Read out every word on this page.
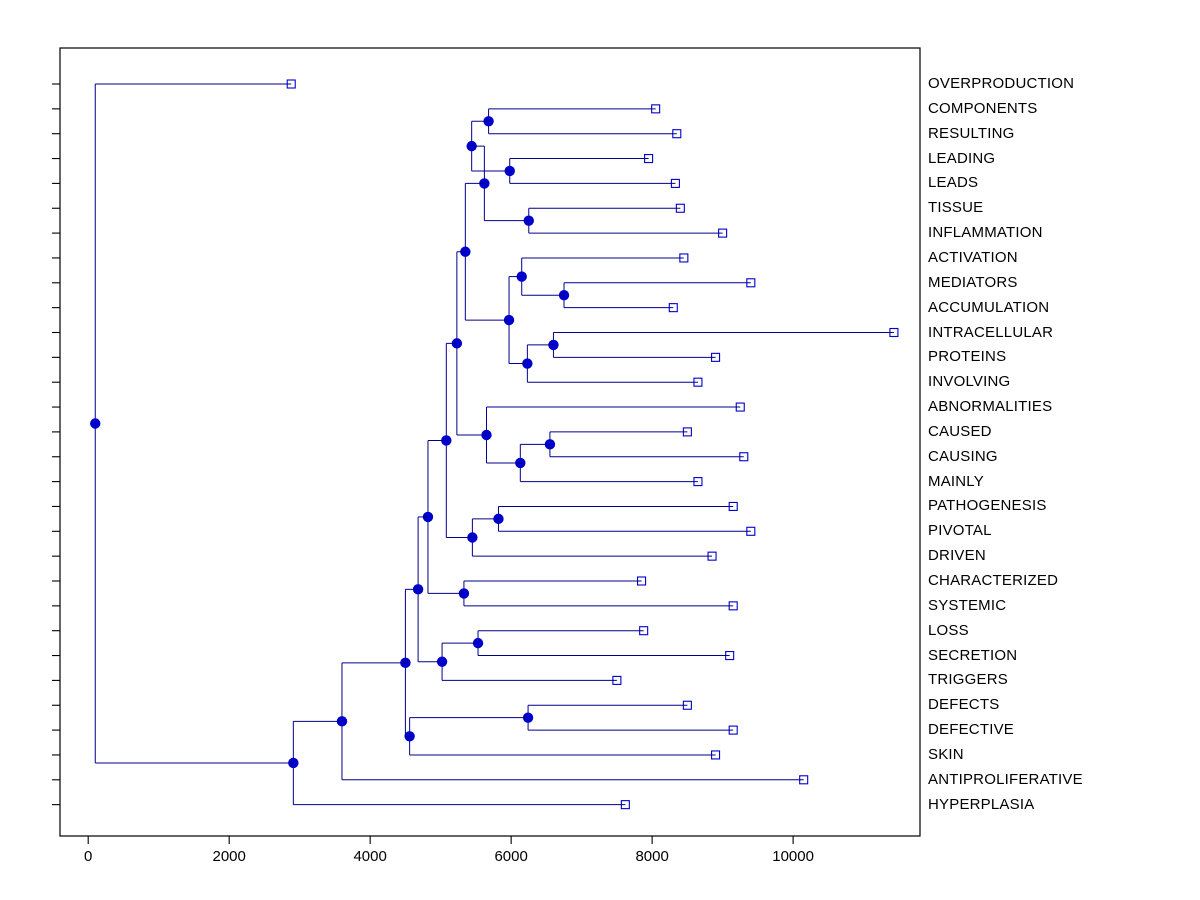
OVERPRODUCTION
COMPONENTS
RESULTING
LEADING
LEADS
TISSUE
INFLAMMATION
ACTIVATION
MEDIATORS
ACCUMULATION
INTRACELLULAR
PROTEINS
INVOLVING
ABNORMALITIES
CAUSED
CAUSING
MAINLY
PATHOGENESIS
PIVOTAL
DRIVEN
CHARACTERIZED
SYSTEMIC
LOSS
SECRETION
TRIGGERS
DEFECTS
DEFECTIVE
SKIN
ANTIPROLIFERATIVE
HYPERPLASIA
0	2000	4000	6000	8000	10000
